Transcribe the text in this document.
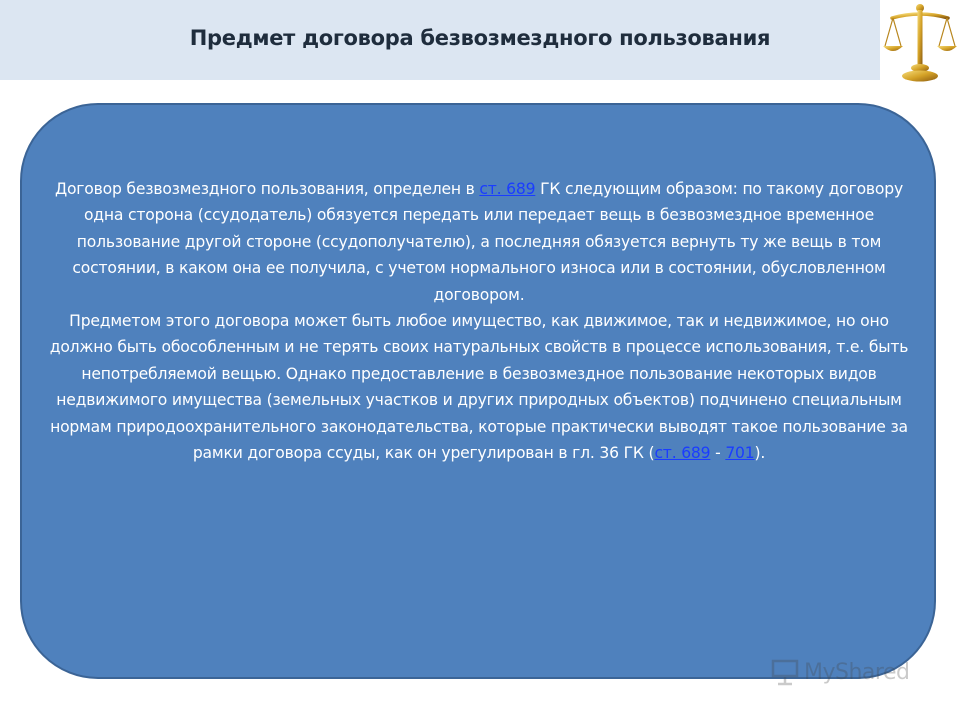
Предмет договора безвозмездного пользования

Договор безвозмездного пользования, определен в ст. 689 ГК следующим образом: по такому договору одна сторона (ссудодатель) обязуется передать или передает вещь в безвозмездное временное пользование другой стороне (ссудополучателю), а последняя обязуется вернуть ту же вещь в том состоянии, в каком она ее получила, с учетом нормального износа или в состоянии, обусловленном договором.

Предметом этого договора может быть любое имущество, как движимое, так и недвижимое, но оно должно быть обособленным и не терять своих натуральных свойств в процессе использования, т.е. быть непотребляемой вещью. Однако предоставление в безвозмездное пользование некоторых видов недвижимого имущества (земельных участков и других природных объектов) подчинено специальным нормам природоохранительного законодательства, которые практически выводят такое пользование за рамки договора ссуды, как он урегулирован в гл. 36 ГК (ст. 689 - 701).

MyShared
